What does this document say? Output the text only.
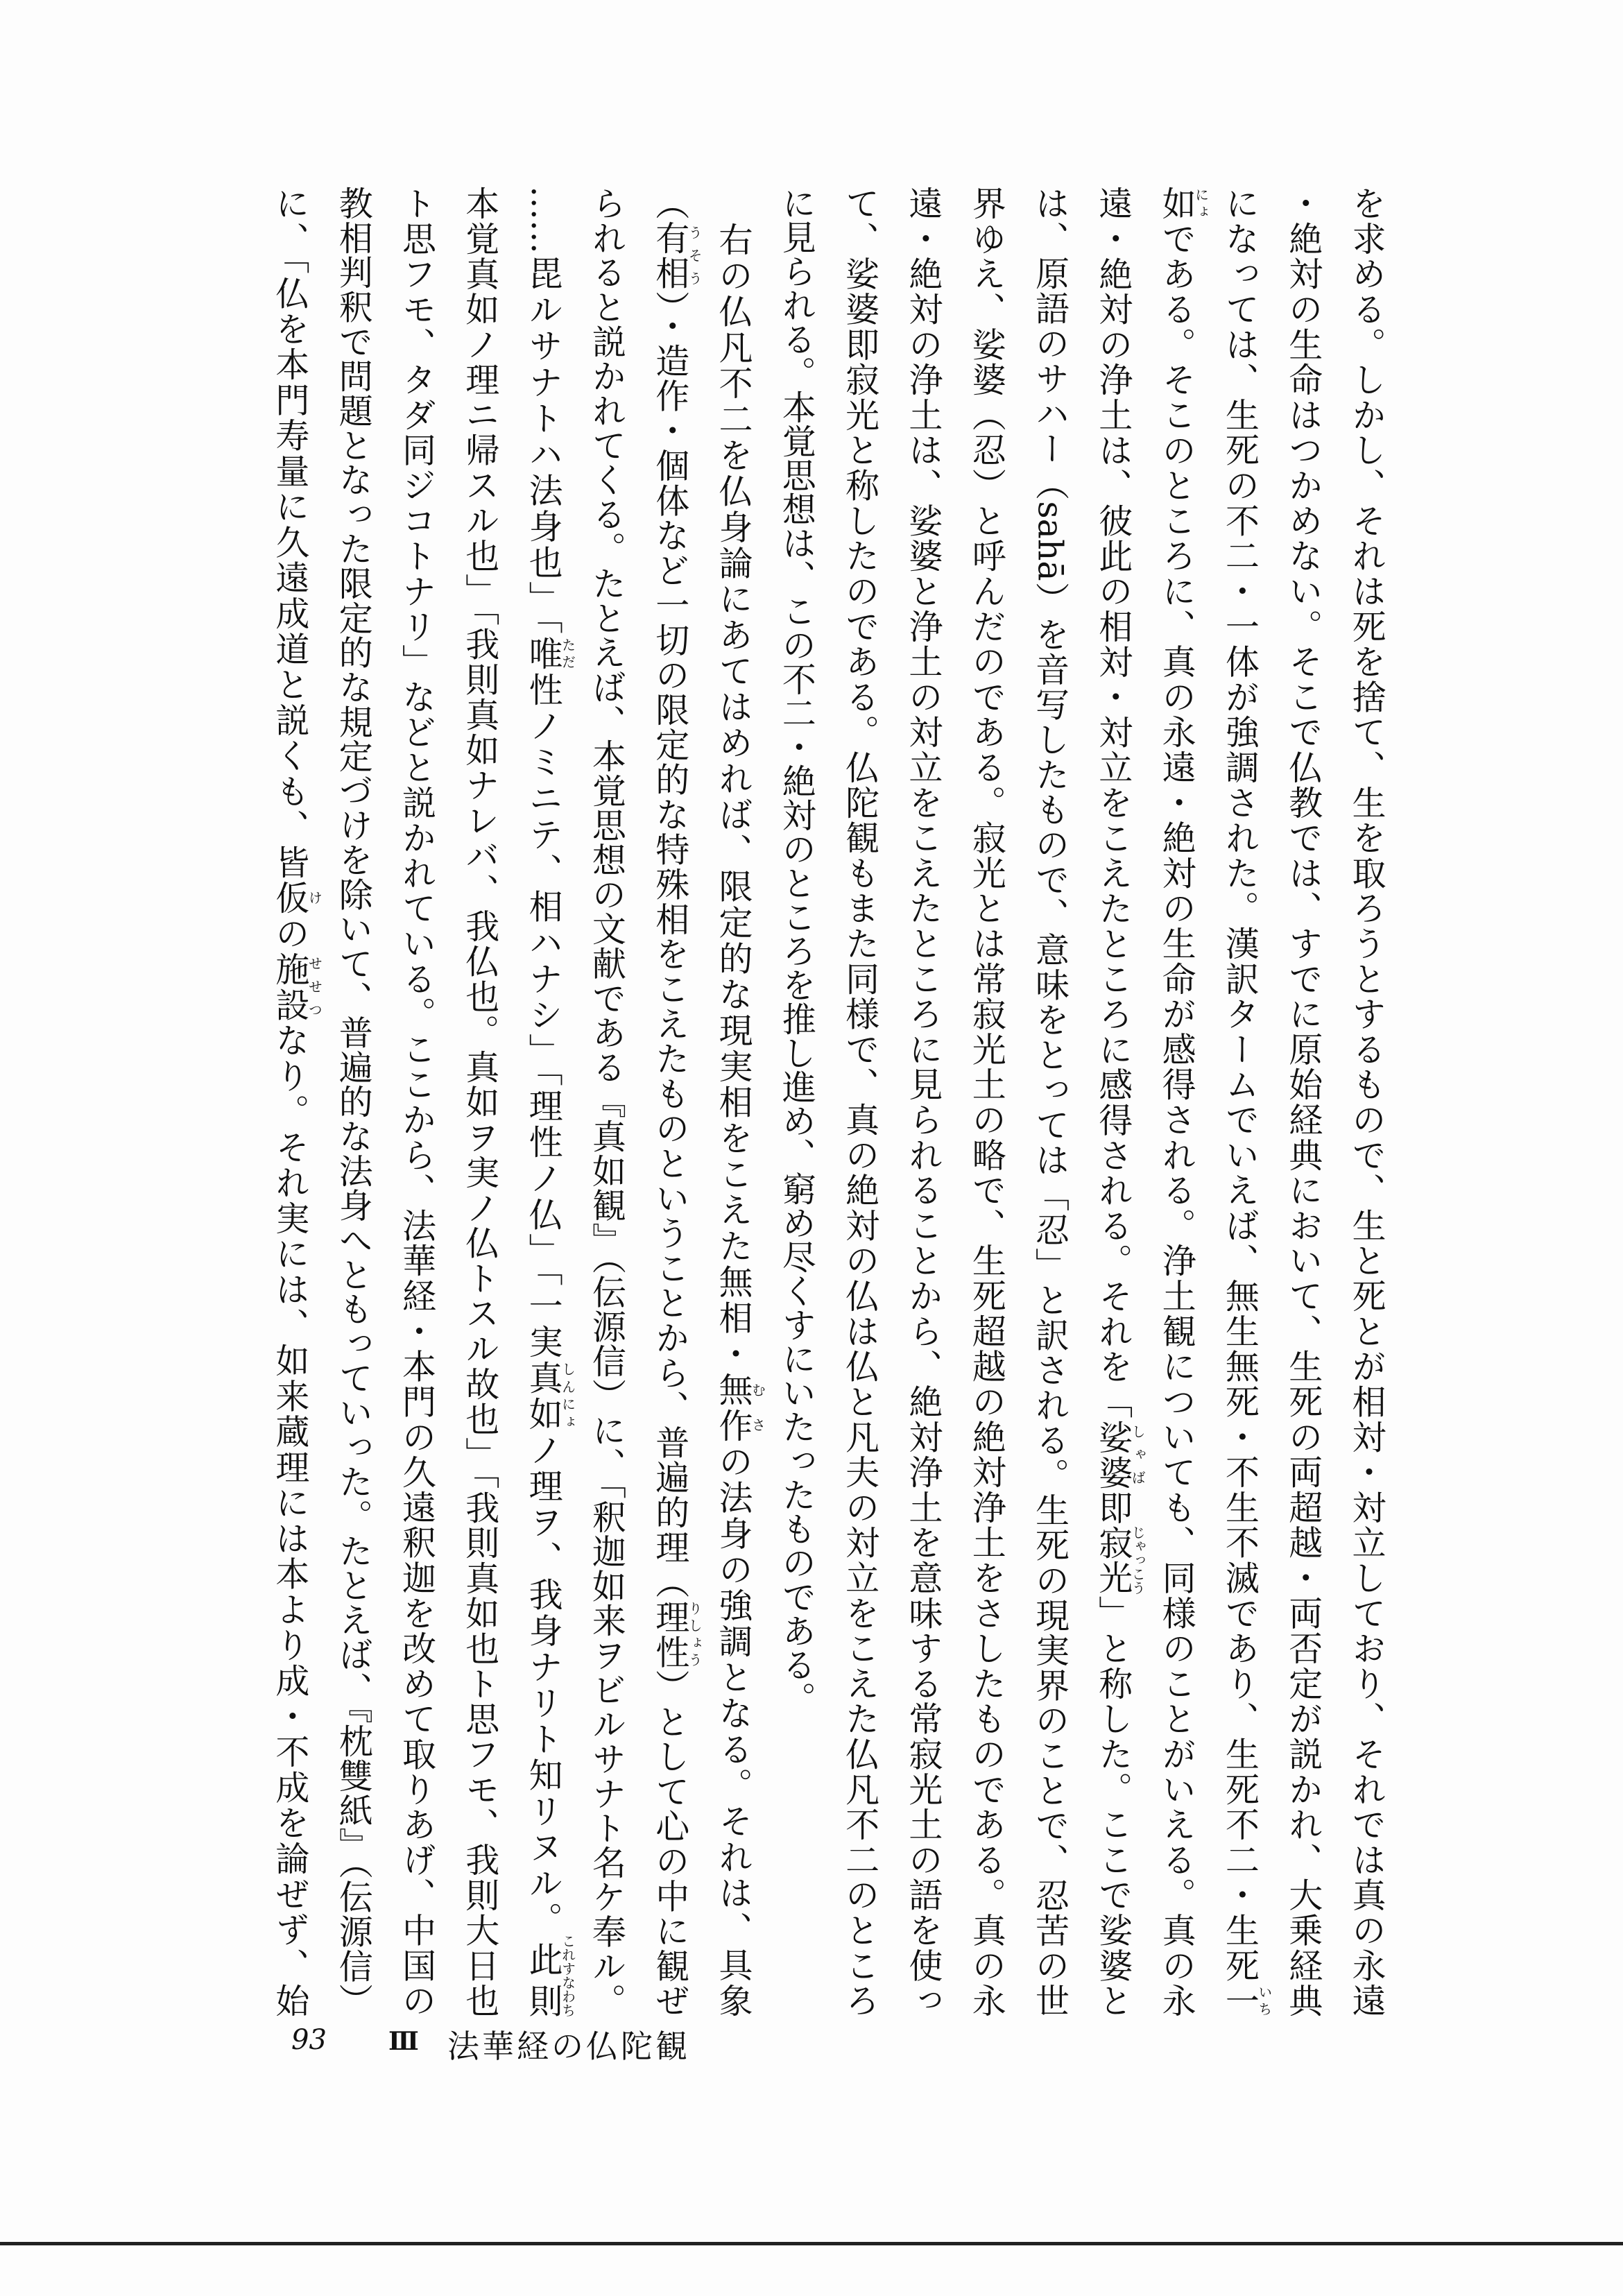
を求める。しかし、それは死を捨て、生を取ろうとするもので、生と死とが相対・対立しており、それでは真の永遠
・絶対の生命はつかめない。そこで仏教では、すでに原始経典において、生死の両超越・両否定が説かれ、大乗経典
になっては、生死の不二・一体が強調された。漢訳タームでいえば、無生無死・不生不滅であり、生死不二・生死一いち
如にょである。そこのところに、真の永遠・絶対の生命が感得される。浄土観についても、同様のことがいえる。真の永
遠・絶対の浄土は、彼此の相対・対立をこえたところに感得される。それを「娑婆しゃば即寂光じゃっこう」と称した。ここで娑婆と
は、原語のサハー（sahā）を音写したもので、意味をとっては「忍」と訳される。生死の現実界のことで、忍苦の世
界ゆえ、娑婆（忍）と呼んだのである。寂光とは常寂光土の略で、生死超越の絶対浄土をさしたものである。真の永
遠・絶対の浄土は、娑婆と浄土の対立をこえたところに見られることから、絶対浄土を意味する常寂光土の語を使っ
て、娑婆即寂光と称したのである。仏陀観もまた同様で、真の絶対の仏は仏と凡夫の対立をこえた仏凡不二のところ
に見られる。本覚思想は、この不二・絶対のところを推し進め、窮め尽くすにいたったものである。
　右の仏凡不二を仏身論にあてはめれば、限定的な現実相をこえた無相・無作むさの法身の強調となる。それは、具象
（有相うそう）・造作・個体など一切の限定的な特殊相をこえたものということから、普遍的理（理性りしょう）として心の中に観ぜ
られると説かれてくる。たとえば、本覚思想の文献である『真如観』（伝源信）に、「釈迦如来ヲビルサナト名ケ奉ル。
……毘ルサナトハ法身也」「唯ただ性ノミニテ、相ハナシ」「理性ノ仏」「一実真如しんにょノ理ヲ、我身ナリト知リヌル。此則これすなわち
本覚真如ノ理ニ帰スル也」「我則真如ナレバ、我仏也。真如ヲ実ノ仏トスル故也」「我則真如也ト思フモ、我則大日也
ト思フモ、タダ同ジコトナリ」などと説かれている。ここから、法華経・本門の久遠釈迦を改めて取りあげ、中国の
教相判釈で問題となった限定的な規定づけを除いて、普遍的な法身へともっていった。たとえば、『枕雙紙』（伝源信）
に、「仏を本門寿量に久遠成道と説くも、皆仮けの施設せせつなり。それ実には、如来蔵理には本より成・不成を論ぜず、始
93 Ⅲ 法華経の仏陀観
